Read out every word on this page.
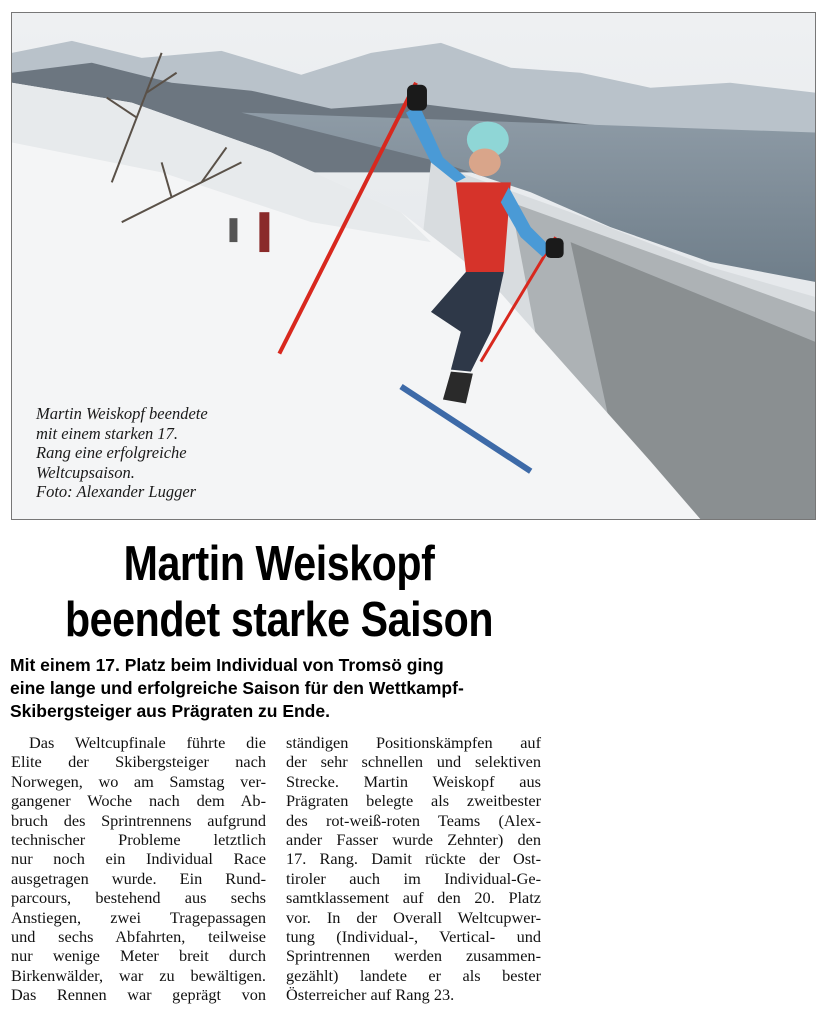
Martin Weiskopf beendete
mit einem starken 17.
Rang eine erfolgreiche
Weltcupsaison.
Foto: Alexander Lugger
Martin Weiskopf
beendet starke Saison
Mit einem 17. Platz beim Individual von Tromsö ging
eine lange und erfolgreiche Saison für den Wettkampf-
Skibergsteiger aus Prägraten zu Ende.
Das Weltcupfinale führte die
Elite der Skibergsteiger nach
Norwegen, wo am Samstag ver-
gangener Woche nach dem Ab-
bruch des Sprintrennens aufgrund
technischer Probleme letztlich
nur noch ein Individual Race
ausgetragen wurde. Ein Rund-
parcours, bestehend aus sechs
Anstiegen, zwei Tragepassagen
und sechs Abfahrten, teilweise
nur wenige Meter breit durch
Birkenwälder, war zu bewältigen.
Das Rennen war geprägt von
ständigen Positionskämpfen auf
der sehr schnellen und selektiven
Strecke. Martin Weiskopf aus
Prägraten belegte als zweitbester
des rot-weiß-roten Teams (Alex-
ander Fasser wurde Zehnter) den
17. Rang. Damit rückte der Ost-
tiroler auch im Individual-Ge-
samtklassement auf den 20. Platz
vor. In der Overall Weltcupwer-
tung (Individual-, Vertical- und
Sprintrennen werden zusammen-
gezählt) landete er als bester
Österreicher auf Rang 23.
